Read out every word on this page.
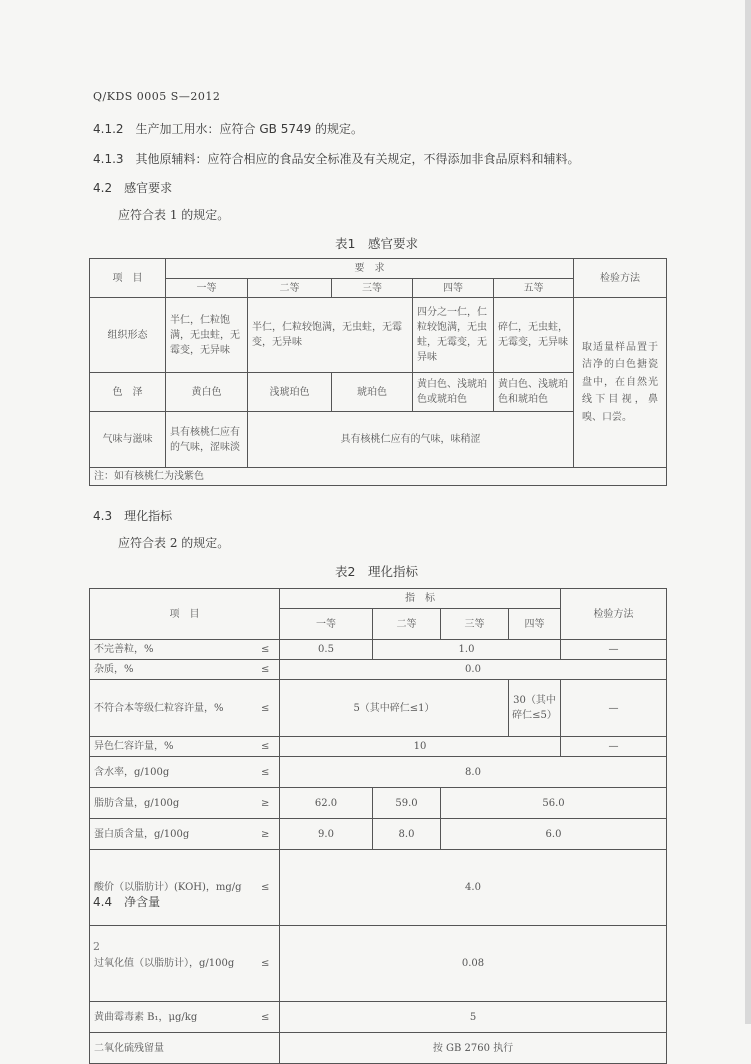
Q/KDS 0005 S—2012
4.1.2　生产加工用水：应符合 GB 5749 的规定。
4.1.3　其他原辅料：应符合相应的食品安全标准及有关规定，不得添加非食品原料和辅料。
4.2　感官要求
应符合表 1 的规定。
表1　感官要求
项　目	要　求					检验方法
	一等	二等	三等	四等	五等	
组织形态	半仁，仁粒饱满，无虫蛀，无霉变，无异味	半仁，仁粒较饱满，无虫蛀，无霉变，无异味		四分之一仁，仁粒较饱满，无虫蛀，无霉变，无异味	碎仁，无虫蛀，无霉变，无异味	取适量样品置于洁净的白色搪瓷盘中，在自然光线下目视，鼻嗅、口尝。
色　泽	黄白色	浅琥珀色	琥珀色	黄白色、浅琥珀色或琥珀色	黄白色、浅琥珀色和琥珀色	
气味与滋味	具有核桃仁应有的气味，涩味淡	具有核桃仁应有的气味，味稍涩				
注：如有核桃仁为浅紫色						
4.3　理化指标
应符合表 2 的规定。
表2　理化指标
项　目		指　标				检验方法	
		一等	二等	三等	四等	
不完善粒，%	≤	0.5	1.0			—	
杂质，%	≤	0.0					
不符合本等级仁粒容许量，%	≤	5（其中碎仁≤1）			30（其中碎仁≤5）	—	
异色仁容许量，%	≤	10				—	
含水率，g/100g	≤	8.0	
脂肪含量，g/100g	≥	62.0	59.0	56.0	
蛋白质含量，g/100g	≥	9.0	8.0	6.0	
酸价（以脂肪计）(KOH)，mg/g	≤	4.0	
过氧化值（以脂肪计），g/100g	≤	0.08	
黄曲霉毒素 B₁，μg/kg	≤	5	
二氧化硫残留量		按 GB 2760 执行	
4.4　净含量
2
